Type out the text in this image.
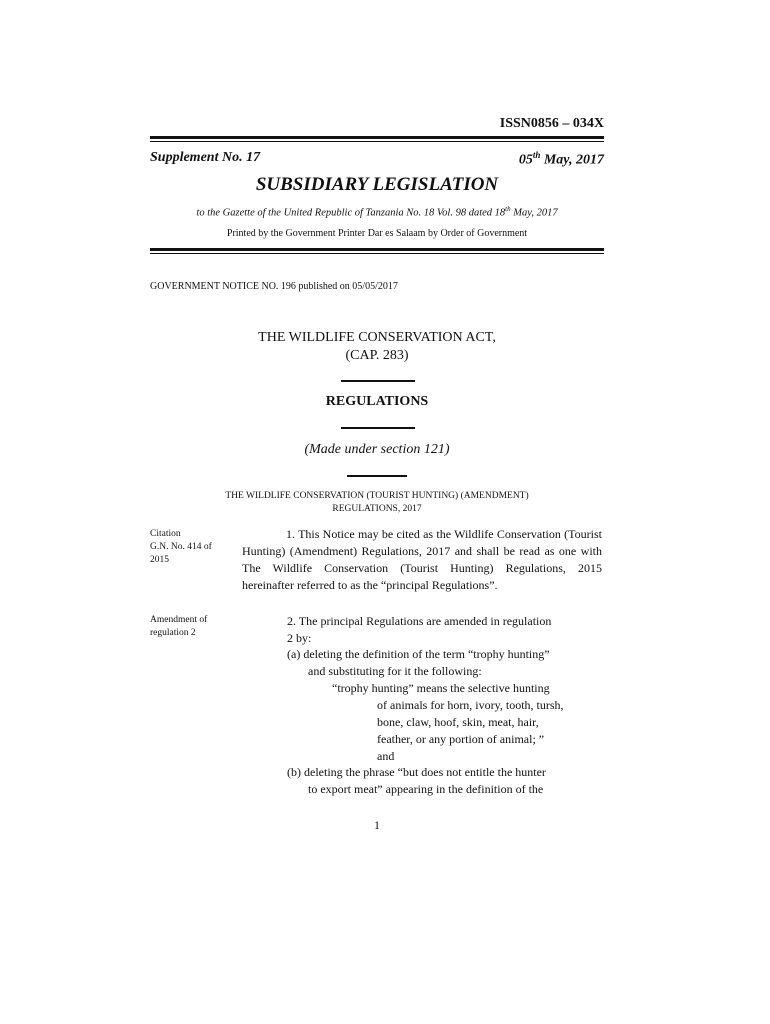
ISSN0856 – 034X
Supplement No. 17	05th May, 2017
SUBSIDIARY LEGISLATION
to the Gazette of the United Republic of Tanzania No. 18 Vol. 98 dated 18th May, 2017
Printed by the Government Printer Dar es Salaam by Order of Government
GOVERNMENT NOTICE NO. 196 published on 05/05/2017
THE WILDLIFE CONSERVATION ACT,
(CAP. 283)
REGULATIONS
(Made under section 121)
THE WILDLIFE CONSERVATION (TOURIST HUNTING) (AMENDMENT)
REGULATIONS, 2017
Citation
G.N. No. 414 of
2015
1. This Notice may be cited as the Wildlife Conservation (Tourist Hunting) (Amendment) Regulations, 2017 and shall be read as one with The Wildlife Conservation (Tourist Hunting) Regulations, 2015 hereinafter referred to as the “principal Regulations”.
Amendment of
regulation 2
2. The principal Regulations are amended in regulation
2 by:
(a) deleting the definition of the term “trophy hunting”
and substituting for it the following:
“trophy hunting” means the selective hunting
of animals for horn, ivory, tooth, tursh,
bone, claw, hoof, skin, meat, hair,
feather, or any portion of animal; ”
and
(b) deleting the phrase “but does not entitle the hunter
to export meat” appearing in the definition of the
1
